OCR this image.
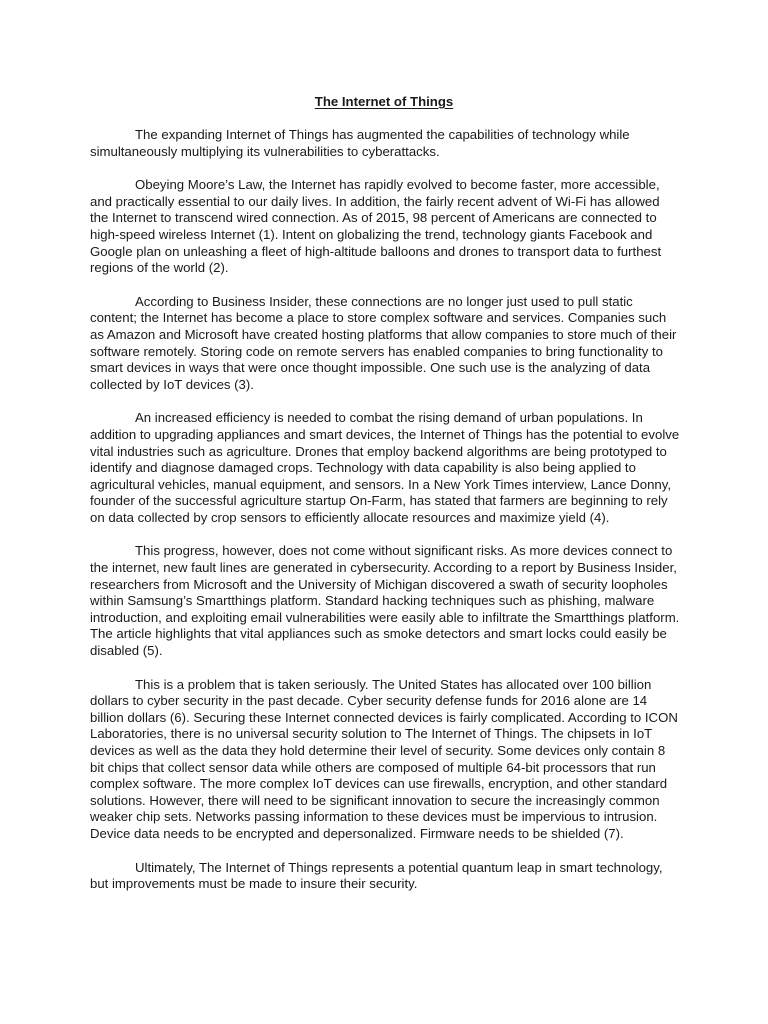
The Internet of Things

The expanding Internet of Things has augmented the capabilities of technology while simultaneously multiplying its vulnerabilities to cyberattacks.

Obeying Moore’s Law, the Internet has rapidly evolved to become faster, more accessible, and practically essential to our daily lives. In addition, the fairly recent advent of Wi-Fi has allowed the Internet to transcend wired connection. As of 2015, 98 percent of Americans are connected to high-speed wireless Internet (1). Intent on globalizing the trend, technology giants Facebook and Google plan on unleashing a fleet of high-altitude balloons and drones to transport data to furthest regions of the world (2).

According to Business Insider, these connections are no longer just used to pull static content; the Internet has become a place to store complex software and services. Companies such as Amazon and Microsoft have created hosting platforms that allow companies to store much of their software remotely. Storing code on remote servers has enabled companies to bring functionality to smart devices in ways that were once thought impossible. One such use is the analyzing of data collected by IoT devices (3).

An increased efficiency is needed to combat the rising demand of urban populations. In addition to upgrading appliances and smart devices, the Internet of Things has the potential to evolve vital industries such as agriculture. Drones that employ backend algorithms are being prototyped to identify and diagnose damaged crops. Technology with data capability is also being applied to agricultural vehicles, manual equipment, and sensors. In a New York Times interview, Lance Donny, founder of the successful agriculture startup On-Farm, has stated that farmers are beginning to rely on data collected by crop sensors to efficiently allocate resources and maximize yield (4).

This progress, however, does not come without significant risks. As more devices connect to the internet, new fault lines are generated in cybersecurity. According to a report by Business Insider, researchers from Microsoft and the University of Michigan discovered a swath of security loopholes within Samsung’s Smartthings platform. Standard hacking techniques such as phishing, malware introduction, and exploiting email vulnerabilities were easily able to infiltrate the Smartthings platform. The article highlights that vital appliances such as smoke detectors and smart locks could easily be disabled (5).

This is a problem that is taken seriously. The United States has allocated over 100 billion dollars to cyber security in the past decade. Cyber security defense funds for 2016 alone are 14 billion dollars (6). Securing these Internet connected devices is fairly complicated. According to ICON Laboratories, there is no universal security solution to The Internet of Things. The chipsets in IoT devices as well as the data they hold determine their level of security. Some devices only contain 8 bit chips that collect sensor data while others are composed of multiple 64-bit processors that run complex software. The more complex IoT devices can use firewalls, encryption, and other standard solutions. However, there will need to be significant innovation to secure the increasingly common weaker chip sets. Networks passing information to these devices must be impervious to intrusion. Device data needs to be encrypted and depersonalized. Firmware needs to be shielded (7).

Ultimately, The Internet of Things represents a potential quantum leap in smart technology, but improvements must be made to insure their security.
